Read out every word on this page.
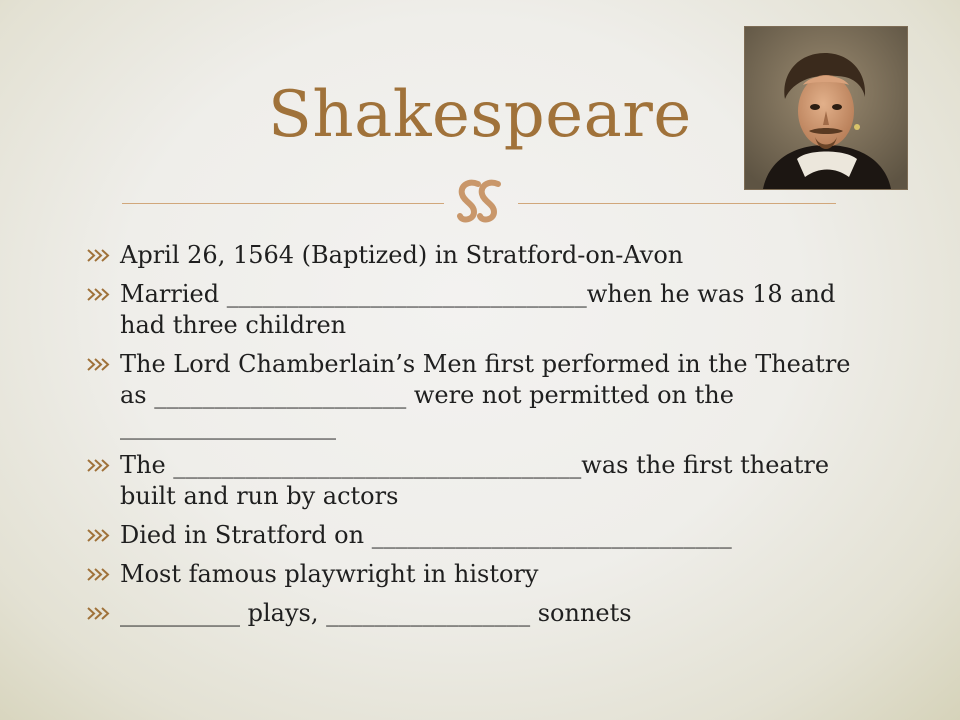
Shakespeare
April 26, 1564 (Baptized) in Stratford-on-Avon
Married ______________________________when he was 18 and had three children
The Lord Chamberlain’s Men first performed in the Theatre as _____________________ were not permitted on the __________________
The __________________________________was the first theatre built and run by actors
Died in Stratford on ______________________________
Most famous playwright in history
__________ plays, _________________ sonnets
